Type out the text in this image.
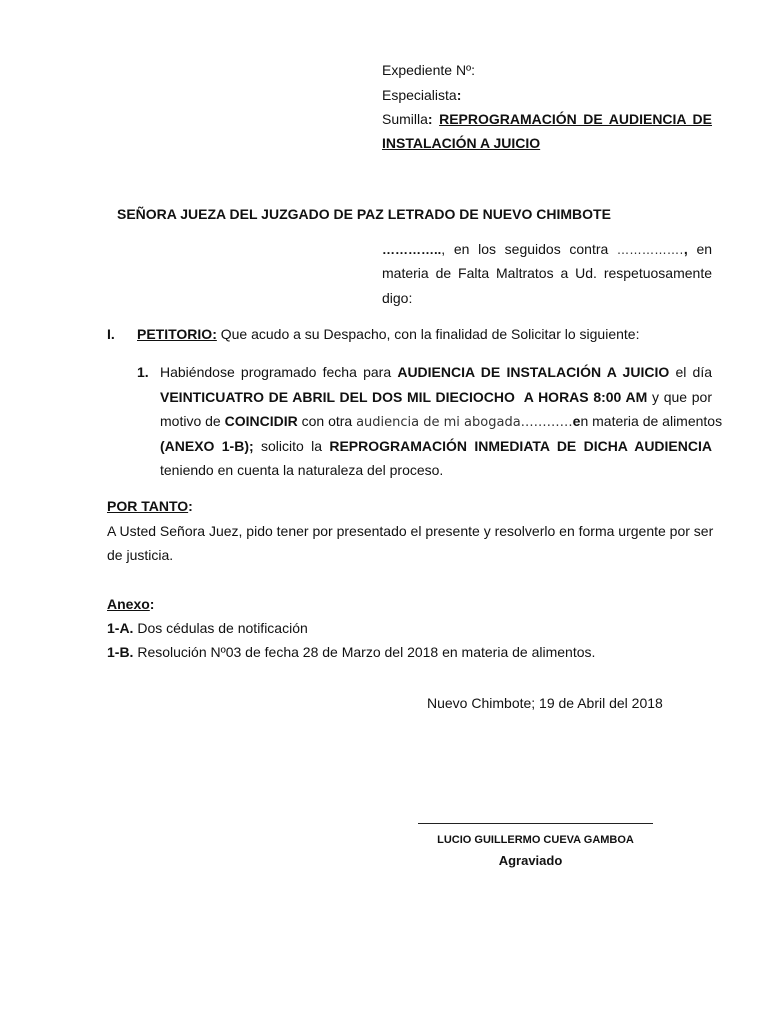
Expediente Nº:
Especialista:
Sumilla: REPROGRAMACIÓN DE AUDIENCIA DE
INSTALACIÓN A JUICIO
SEÑORA JUEZA DEL JUZGADO DE PAZ LETRADO DE NUEVO CHIMBOTE
………….., en los seguidos contra ……………., en
materia de Falta Maltratos a Ud. respetuosamente
digo:
I. PETITORIO: Que acudo a su Despacho, con la finalidad de Solicitar lo siguiente:
1. Habiéndose programado fecha para AUDIENCIA DE INSTALACIÓN A JUICIO el día
VEINTICUATRO DE ABRIL DEL DOS MIL DIECIOCHO  A HORAS 8:00 AM y que por
motivo de COINCIDIR con otra audiencia de mi abogada…………en materia de alimentos
(ANEXO 1-B); solicito la REPROGRAMACIÓN INMEDIATA DE DICHA AUDIENCIA
teniendo en cuenta la naturaleza del proceso.
POR TANTO:
A Usted Señora Juez, pido tener por presentado el presente y resolverlo en forma urgente por ser
de justicia.
Anexo:
1-A. Dos cédulas de notificación
1-B. Resolución Nº03 de fecha 28 de Marzo del 2018 en materia de alimentos.
Nuevo Chimbote; 19 de Abril del 2018
LUCIO GUILLERMO CUEVA GAMBOA
Agraviado
